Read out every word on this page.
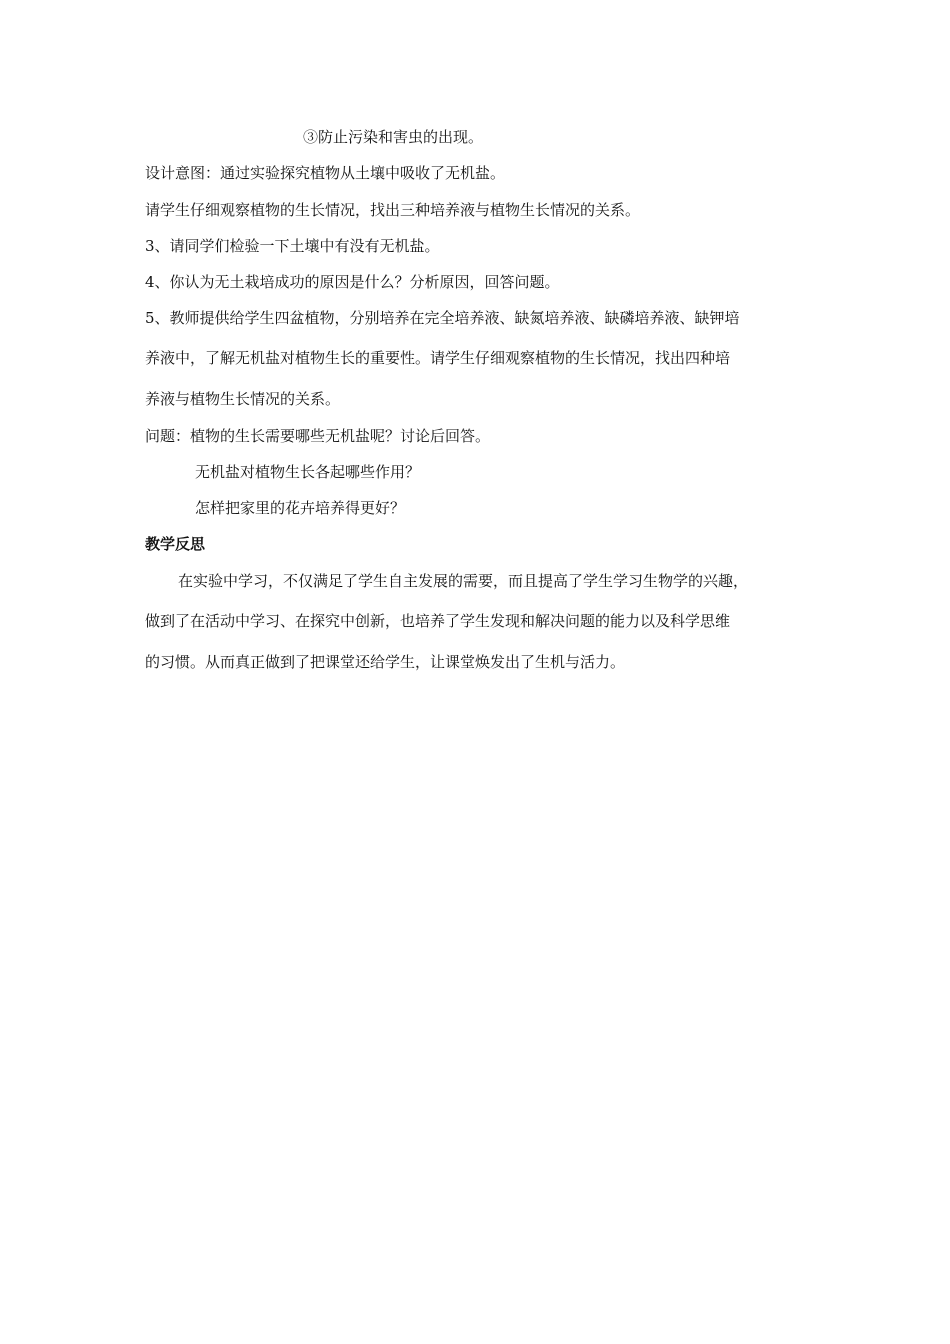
③防止污染和害虫的出现。
设计意图：通过实验探究植物从土壤中吸收了无机盐。
请学生仔细观察植物的生长情况，找出三种培养液与植物生长情况的关系。
3、请同学们检验一下土壤中有没有无机盐。
4、你认为无土栽培成功的原因是什么？分析原因，回答问题。
5、教师提供给学生四盆植物，分别培养在完全培养液、缺氮培养液、缺磷培养液、缺钾培
养液中，了解无机盐对植物生长的重要性。请学生仔细观察植物的生长情况，找出四种培
养液与植物生长情况的关系。
问题：植物的生长需要哪些无机盐呢？讨论后回答。
无机盐对植物生长各起哪些作用？
怎样把家里的花卉培养得更好？
教学反思
在实验中学习，不仅满足了学生自主发展的需要，而且提高了学生学习生物学的兴趣，
做到了在活动中学习、在探究中创新，也培养了学生发现和解决问题的能力以及科学思维
的习惯。从而真正做到了把课堂还给学生，让课堂焕发出了生机与活力。
